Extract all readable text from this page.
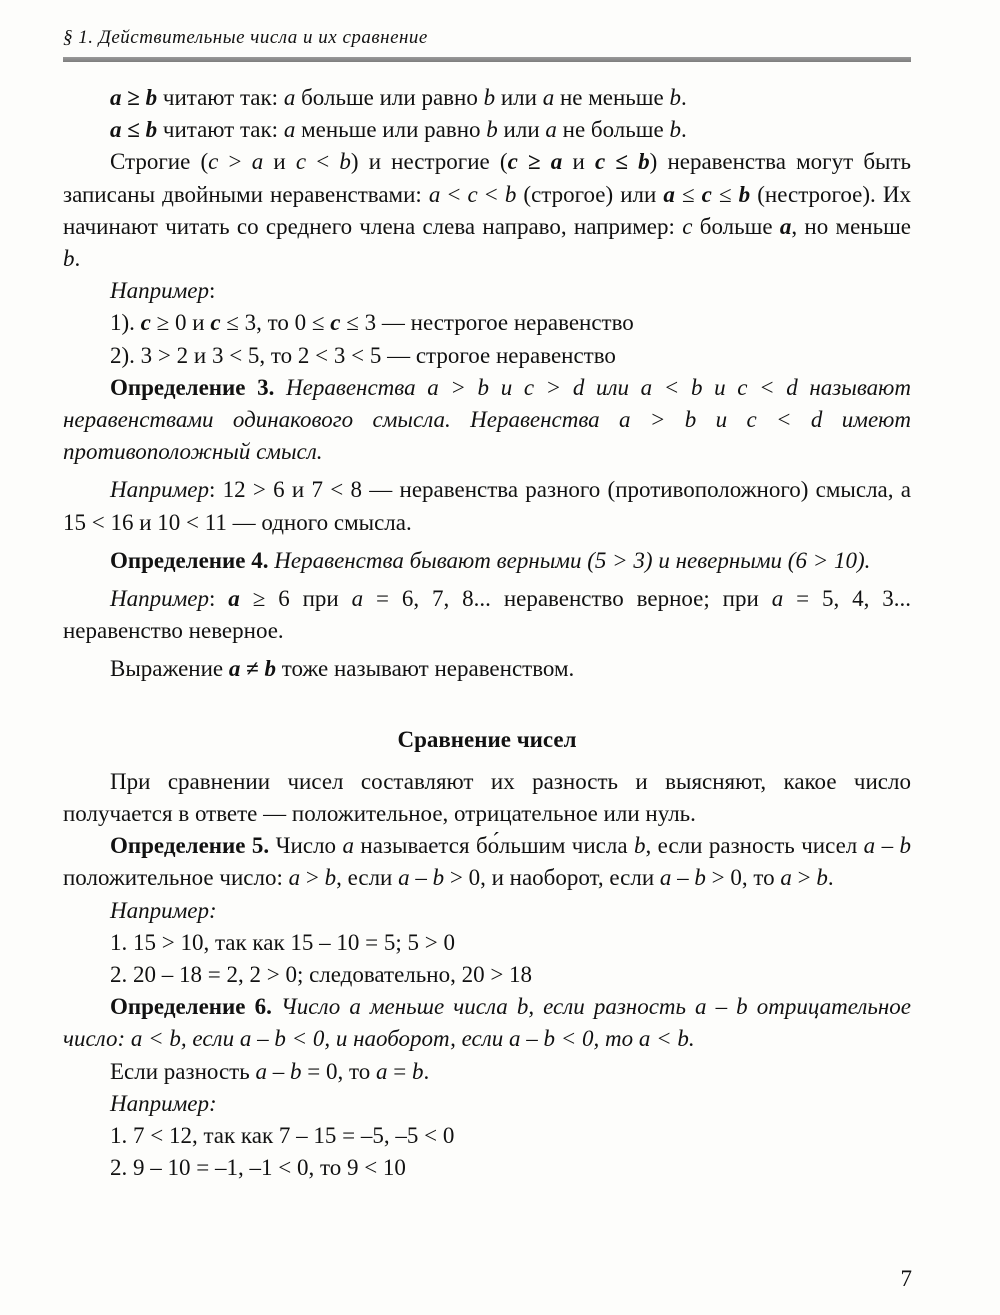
§ 1. Действительные числа и их сравнение

a ≥ b читают так: a больше или равно b или a не меньше b.

a ≤ b читают так: a меньше или равно b или a не больше b.

Строгие (c > a и c < b) и нестрогие (c ≥ a и c ≤ b) неравенства могут быть записаны двойными неравенствами: a < c < b (строгое) или a ≤ c ≤ b (нестрогое). Их начинают читать со среднего члена слева направо, например: c больше a, но меньше b.

Например:

1). c ≥ 0 и c ≤ 3, то 0 ≤ c ≤ 3 — нестрогое неравенство

2). 3 > 2 и 3 < 5, то 2 < 3 < 5 — строгое неравенство

Определение 3. Неравенства a > b и c > d или a < b и c < d называют неравенствами одинакового смысла. Неравенства a > b и c < d имеют противоположный смысл.

Например: 12 > 6 и 7 < 8 — неравенства разного (противоположного) смысла, а 15 < 16 и 10 < 11 — одного смысла.

Определение 4. Неравенства бывают верными (5 > 3) и неверными (6 > 10).

Например: a ≥ 6 при a = 6, 7, 8... неравенство верное; при a = 5, 4, 3... неравенство неверное.

Выражение a ≠ b тоже называют неравенством.

Сравнение чисел

При сравнении чисел составляют их разность и выясняют, какое число получается в ответе — положительное, отрицательное или нуль.

Определение 5. Число a называется бо́льшим числа b, если разность чисел a – b положительное число: a > b, если a – b > 0, и наоборот, если a – b > 0, то a > b.

Например:

1. 15 > 10, так как 15 – 10 = 5; 5 > 0

2. 20 – 18 = 2, 2 > 0; следовательно, 20 > 18

Определение 6. Число a меньше числа b, если разность a – b отрицательное число: a < b, если a – b < 0, и наоборот, если a – b < 0, то a < b.

Если разность a – b = 0, то a = b.

Например:

1. 7 < 12, так как 7 – 15 = –5, –5 < 0

2. 9 – 10 = –1, –1 < 0, то 9 < 10

7
